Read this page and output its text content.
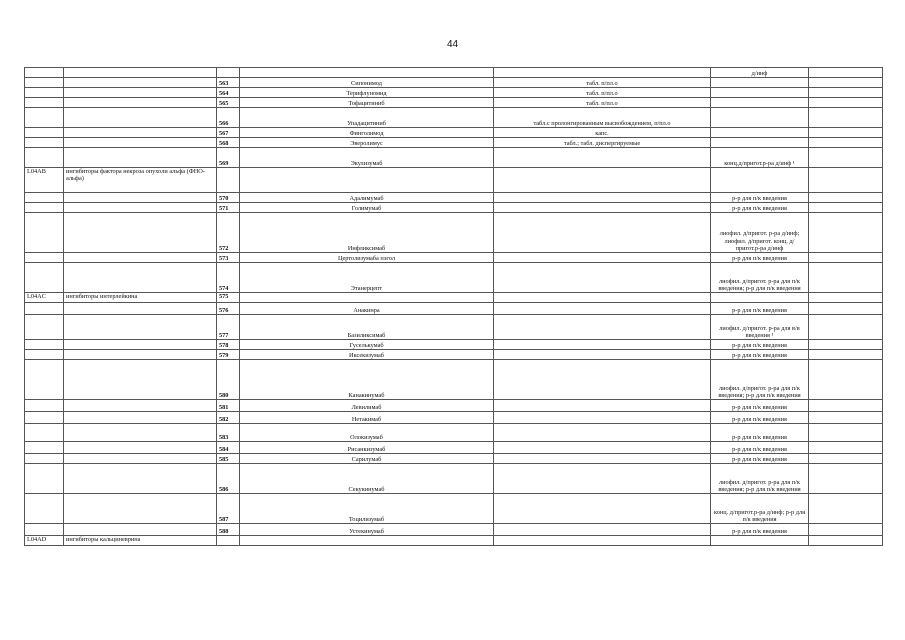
44
					д/инф		
		563	Сипонимод	табл. п/пл.о			
		564	Терифлуномид	табл. п/пл.о			
		565	Тофацитиниб	табл. п/пл.о			
		566	Упадацитиниб	табл.с пролонгированным высвобождением, п/пл.о			
		567	Финголимод	капс.			
		568	Эверолимус	табл.; табл. диспергируемые			
		569	Экулизумаб		конц.д/пригот.р-ра д/инф ¹		
L04AB	ингибиторы фактора некроза опухоли альфа (ФНО-альфа)						
		570	Адалимумаб		р-р для п/к введения		
		571	Голимумаб		р-р для п/к введения		
		572	Инфликсимаб		лиофил. д/пригот. р-ра д/инф; лиофил. д/пригот. конц. д/пригот.р-ра д/инф		
		573	Цертолизумаба пэгол		р-р для п/к введения		
		574	Этанерцепт		лиофил. д/пригот. р-ра для п/к введения; р-р для п/к введения		
L04AC	ингибиторы интерлейкина	575					
		576	Анакинра		р-р для п/к введения		
		577	Базиликсимаб		лиофил. д/пригот. р-ра для в/в введения ¹		
		578	Гуселькумаб		р-р для п/к введения		
		579	Иксекизумаб		р-р для п/к введения		
		580	Канакинумаб		лиофил. д/пригот. р-ра для п/к введения; р-р для п/к введения		
		581	Левилимаб		р-р для п/к введения		
		582	Нетакимаб		р-р для п/к введения		
		583	Олокизумаб		р-р для п/к введения		
		584	Рисанкизумаб		р-р для п/к введения		
		585	Сарилумаб		р-р для п/к введения		
		586	Секукинумаб		лиофил. д/пригот. р-ра для п/к введения; р-р для п/к введения		
		587	Тоцилизумаб		конц. д/пригот.р-ра д/инф; р-р для п/к введения		
		588	Устекинумаб		р-р для п/к введения		
L04AD	ингибиторы кальциневрина						
